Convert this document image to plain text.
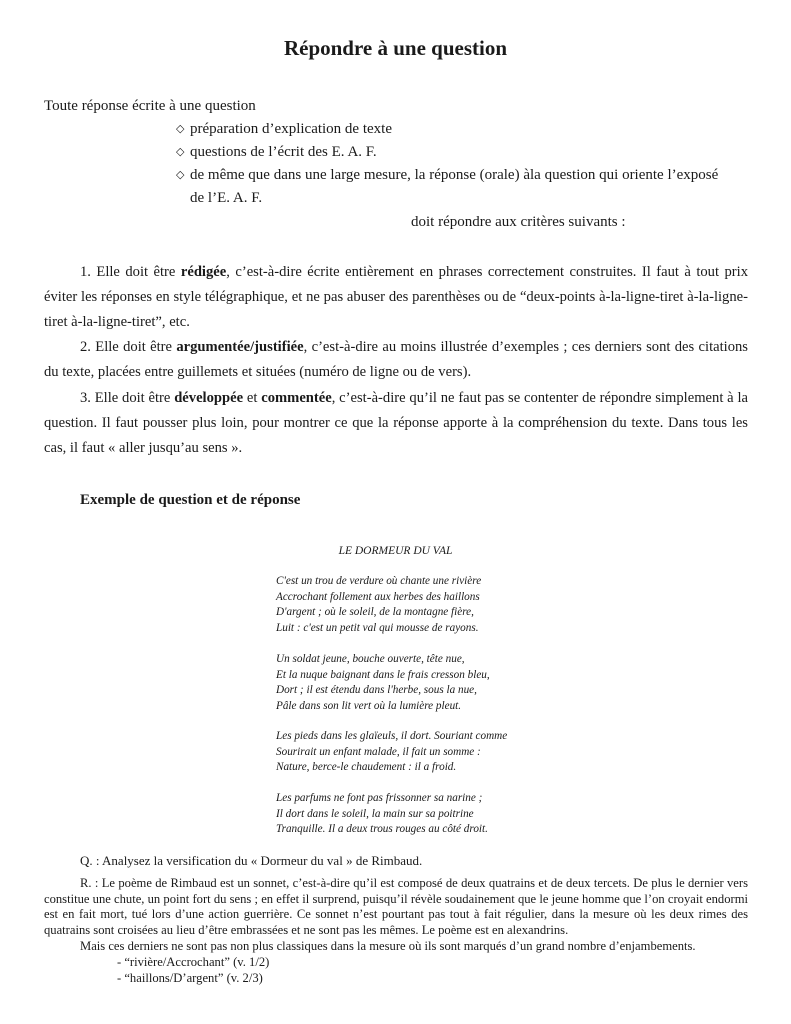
Répondre à une question
Toute réponse écrite à une question
◇ préparation d’explication de texte
◇ questions de l’écrit des E. A. F.
◇ de même que dans une large mesure, la réponse (orale) àla question qui oriente l’exposé
de l’E. A. F.
doit répondre aux critères suivants :
1. Elle doit être rédigée, c’est-à-dire écrite entièrement en phrases correctement construites. Il faut à tout prix éviter les réponses en style télégraphique, et ne pas abuser des parenthèses ou de “deux-points à-la-ligne-tiret à-la-ligne-tiret à-la-ligne-tiret”, etc.
2. Elle doit être argumentée/justifiée, c’est-à-dire au moins illustrée d’exemples ; ces derniers sont des citations du texte, placées entre guillemets et situées (numéro de ligne ou de vers).
3. Elle doit être développée et commentée, c’est-à-dire qu’il ne faut pas se contenter de répondre simplement à la question. Il faut pousser plus loin, pour montrer ce que la réponse apporte à la compréhension du texte. Dans tous les cas, il faut « aller jusqu’au sens ».
Exemple de question et de réponse
LE DORMEUR DU VAL
C'est un trou de verdure où chante une rivière
Accrochant follement aux herbes des haillons
D'argent ; où le soleil, de la montagne fière,
Luit : c'est un petit val qui mousse de rayons.
Un soldat jeune, bouche ouverte, tête nue,
Et la nuque baignant dans le frais cresson bleu,
Dort ; il est étendu dans l'herbe, sous la nue,
Pâle dans son lit vert où la lumière pleut.
Les pieds dans les glaïeuls, il dort. Souriant comme
Sourirait un enfant malade, il fait un somme :
Nature, berce-le chaudement : il a froid.
Les parfums ne font pas frissonner sa narine ;
Il dort dans le soleil, la main sur sa poitrine
Tranquille. Il a deux trous rouges au côté droit.
Q. : Analysez la versification du « Dormeur du val » de Rimbaud.
R. : Le poème de Rimbaud est un sonnet, c’est-à-dire qu’il est composé de deux quatrains et de deux tercets. De plus le dernier vers constitue une chute, un point fort du sens ; en effet il surprend, puisqu’il révèle soudainement que le jeune homme que l’on croyait endormi est en fait mort, tué lors d’une action guerrière. Ce sonnet n’est pourtant pas tout à fait régulier, dans la mesure où les deux rimes des quatrains sont croisées au lieu d’être embrassées et ne sont pas les mêmes. Le poème est en alexandrins.
Mais ces derniers ne sont pas non plus classiques dans la mesure où ils sont marqués d’un grand nombre d’enjambements.
- “rivière/Accrochant” (v. 1/2)
- “haillons/D’argent” (v. 2/3)
